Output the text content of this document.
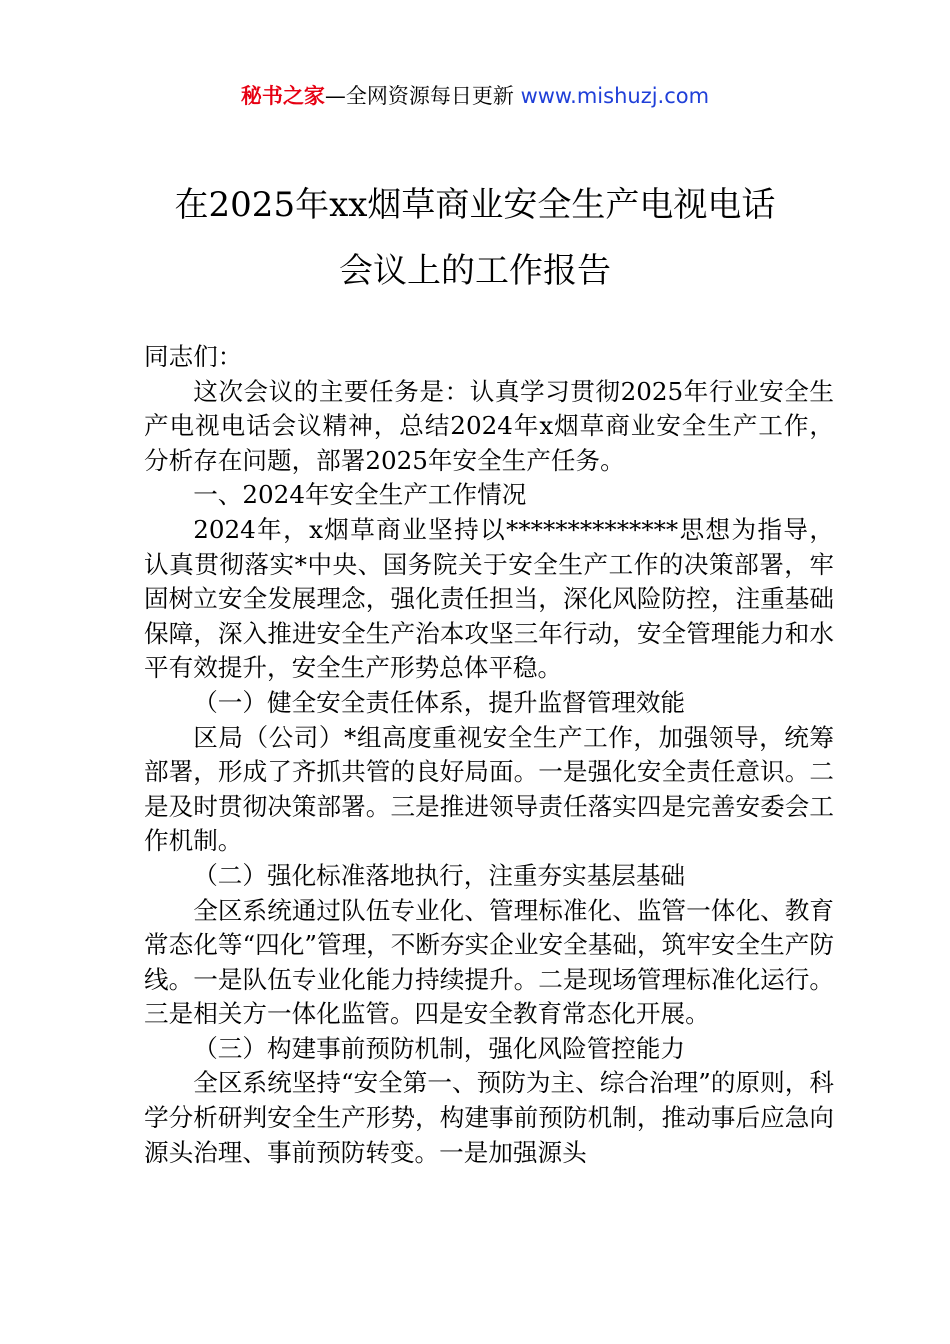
秘书之家—全网资源每日更新 www.mishuzj.com
在2025年xx烟草商业安全生产电视电话
会议上的工作报告

同志们：

这次会议的主要任务是：认真学习贯彻2025年行业安全生产电视电话会议精神，总结2024年x烟草商业安全生产工作，分析存在问题，部署2025年安全生产任务。

一、2024年安全生产工作情况

2024年，x烟草商业坚持以**************思想为指导，认真贯彻落实*中央、国务院关于安全生产工作的决策部署，牢固树立安全发展理念，强化责任担当，深化风险防控，注重基础保障，深入推进安全生产治本攻坚三年行动，安全管理能力和水平有效提升，安全生产形势总体平稳。

（一）健全安全责任体系，提升监督管理效能

区局（公司）*组高度重视安全生产工作，加强领导，统筹部署，形成了齐抓共管的良好局面。一是强化安全责任意识。二是及时贯彻决策部署。三是推进领导责任落实四是完善安委会工作机制。

（二）强化标准落地执行，注重夯实基层基础

全区系统通过队伍专业化、管理标准化、监管一体化、教育常态化等“四化”管理，不断夯实企业安全基础，筑牢安全生产防线。一是队伍专业化能力持续提升。二是现场管理标准化运行。三是相关方一体化监管。四是安全教育常态化开展。

（三）构建事前预防机制，强化风险管控能力

全区系统坚持“安全第一、预防为主、综合治理”的原则，科学分析研判安全生产形势，构建事前预防机制，推动事后应急向源头治理、事前预防转变。一是加强源头
